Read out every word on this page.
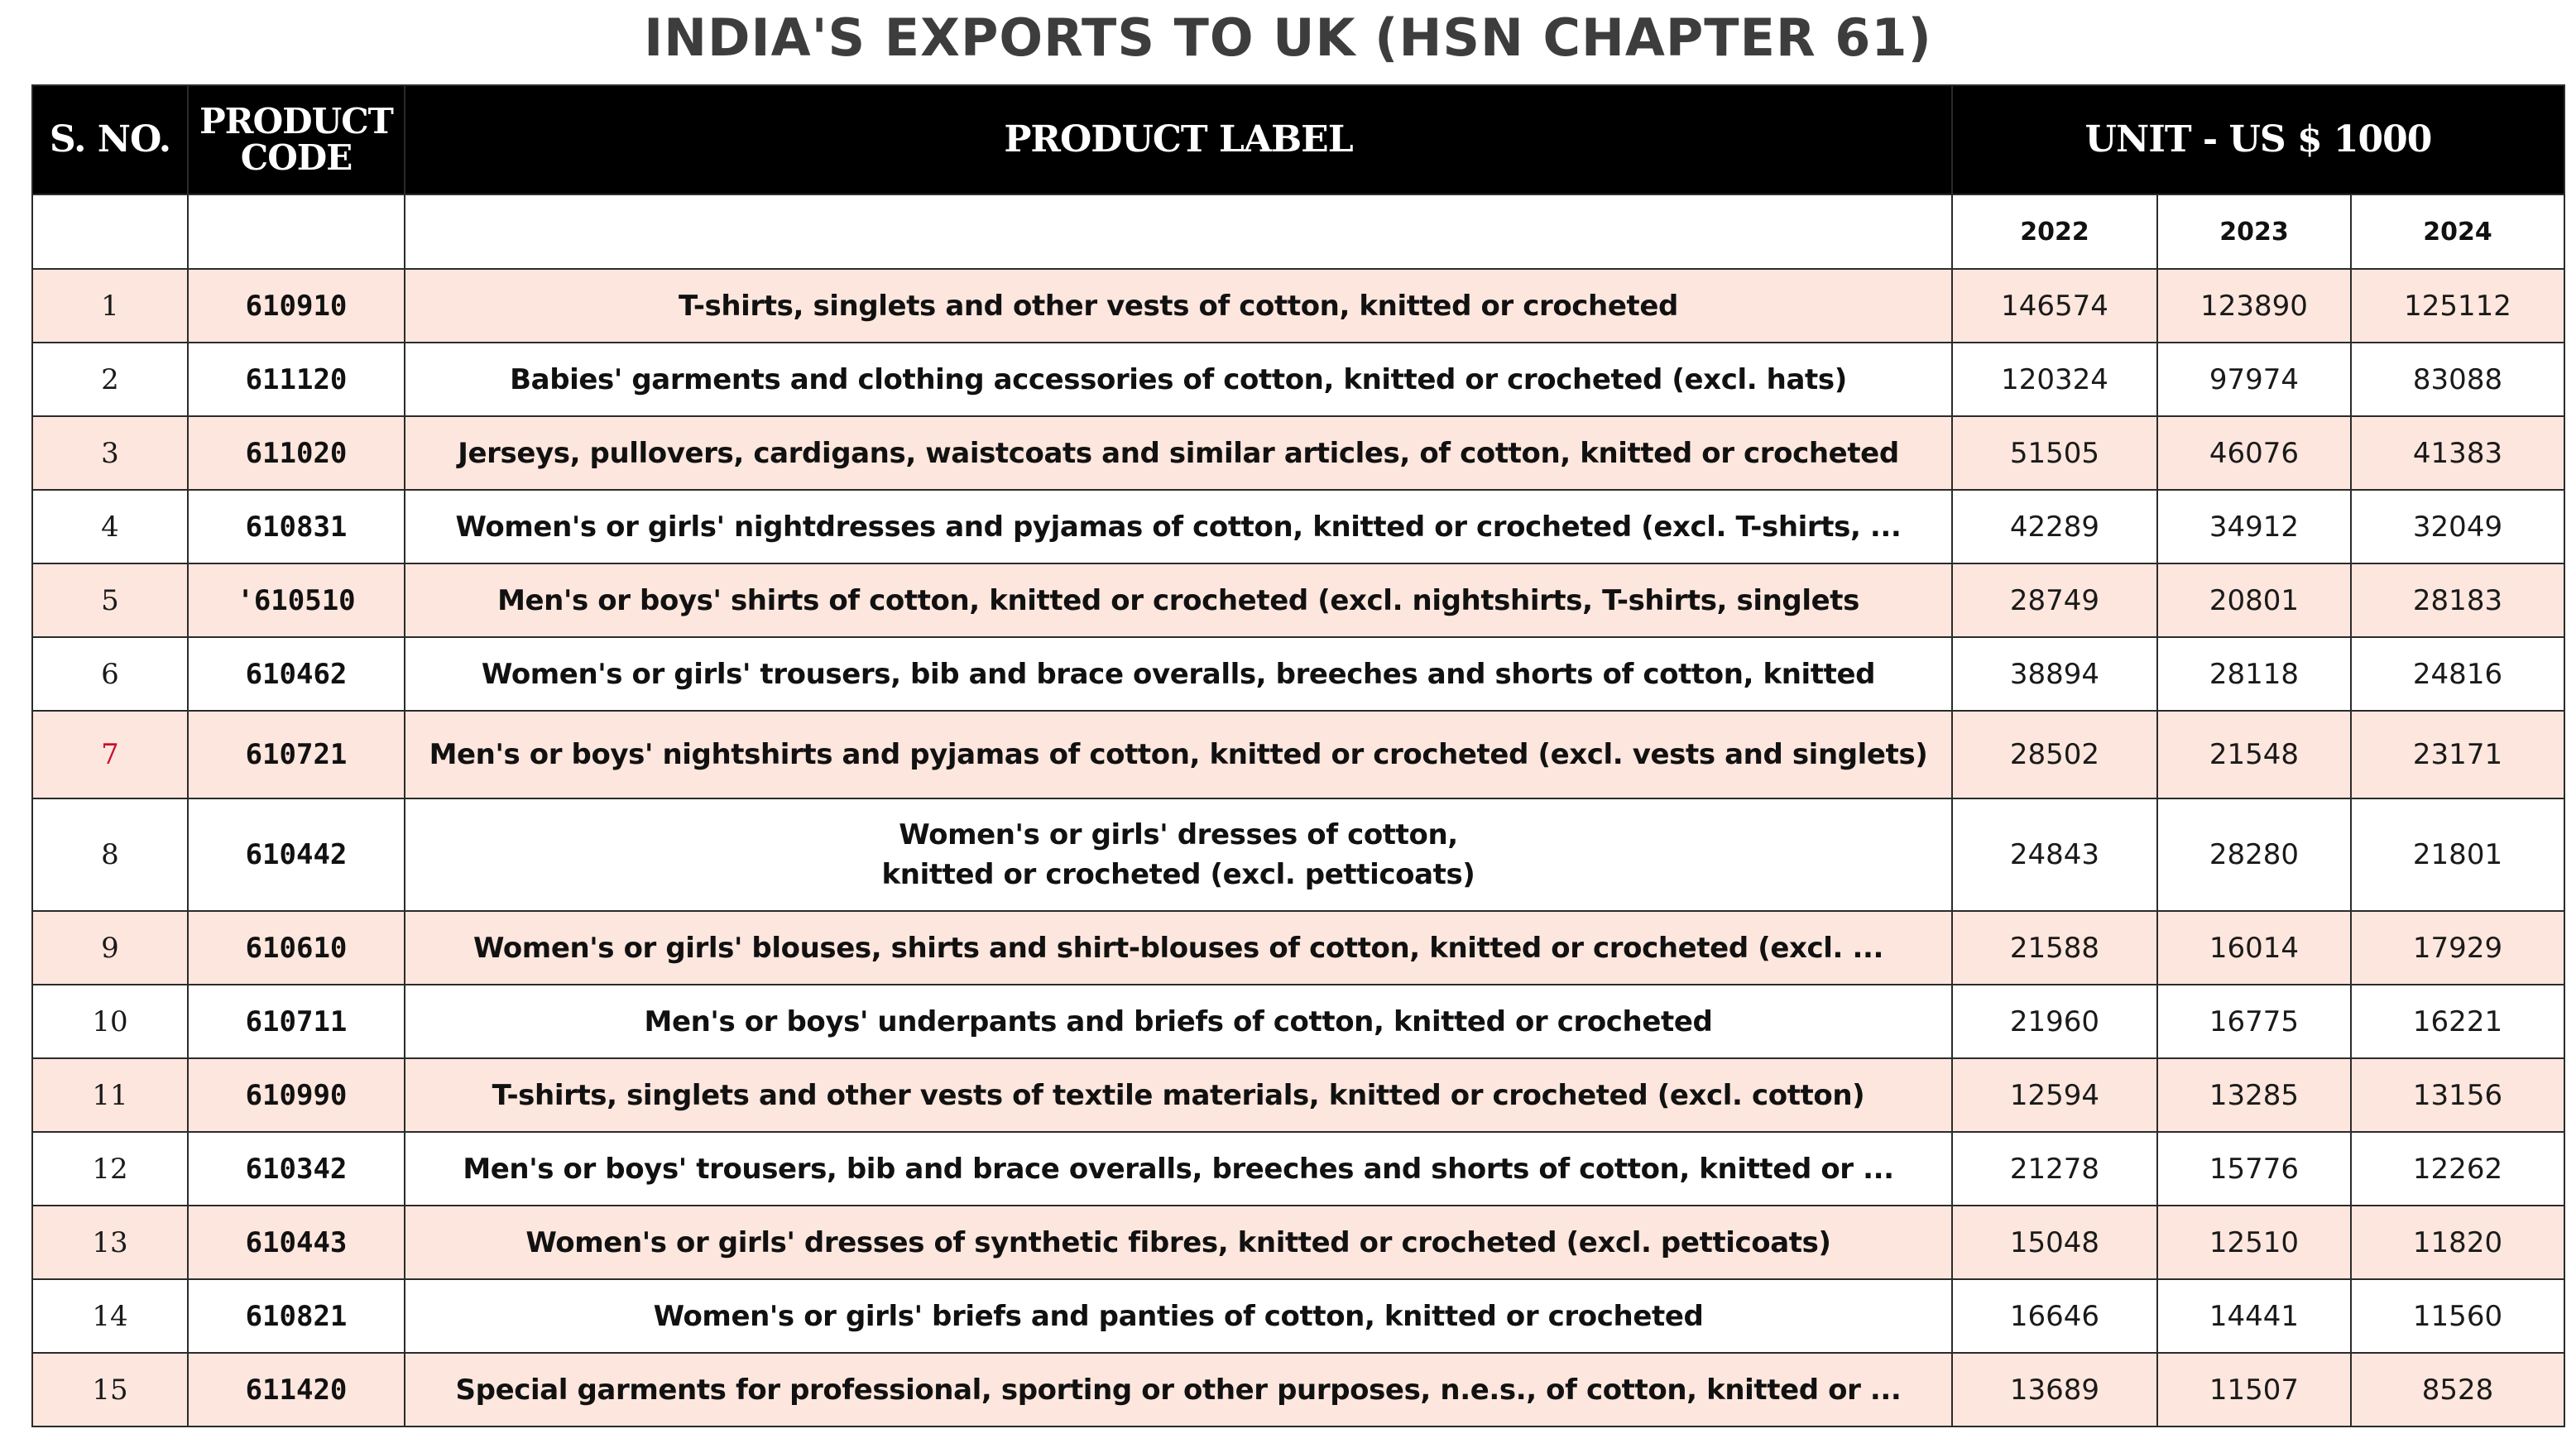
INDIA'S EXPORTS TO UK (HSN CHAPTER 61)
S. NO.	PRODUCT CODE	PRODUCT LABEL	UNIT - US $ 1000		
			2022	2023	2024
1	610910	T-shirts, singlets and other vests of cotton, knitted or crocheted	146574	123890	125112
2	611120	Babies' garments and clothing accessories of cotton, knitted or crocheted (excl. hats)	120324	97974	83088
3	611020	Jerseys, pullovers, cardigans, waistcoats and similar articles, of cotton, knitted or crocheted	51505	46076	41383
4	610831	Women's or girls' nightdresses and pyjamas of cotton, knitted or crocheted (excl. T-shirts, ...	42289	34912	32049
5	'610510	Men's or boys' shirts of cotton, knitted or crocheted (excl. nightshirts, T-shirts, singlets	28749	20801	28183
6	610462	Women's or girls' trousers, bib and brace overalls, breeches and shorts of cotton, knitted	38894	28118	24816
7	610721	Men's or boys' nightshirts and pyjamas of cotton, knitted or crocheted (excl. vests and singlets)	28502	21548	23171
8	610442	Women's or girls' dresses of cotton, knitted or crocheted (excl. petticoats)	24843	28280	21801
9	610610	Women's or girls' blouses, shirts and shirt-blouses of cotton, knitted or crocheted (excl. ...	21588	16014	17929
10	610711	Men's or boys' underpants and briefs of cotton, knitted or crocheted	21960	16775	16221
11	610990	T-shirts, singlets and other vests of textile materials, knitted or crocheted (excl. cotton)	12594	13285	13156
12	610342	Men's or boys' trousers, bib and brace overalls, breeches and shorts of cotton, knitted or ...	21278	15776	12262
13	610443	Women's or girls' dresses of synthetic fibres, knitted or crocheted (excl. petticoats)	15048	12510	11820
14	610821	Women's or girls' briefs and panties of cotton, knitted or crocheted	16646	14441	11560
15	611420	Special garments for professional, sporting or other purposes, n.e.s., of cotton, knitted or ...	13689	11507	8528
